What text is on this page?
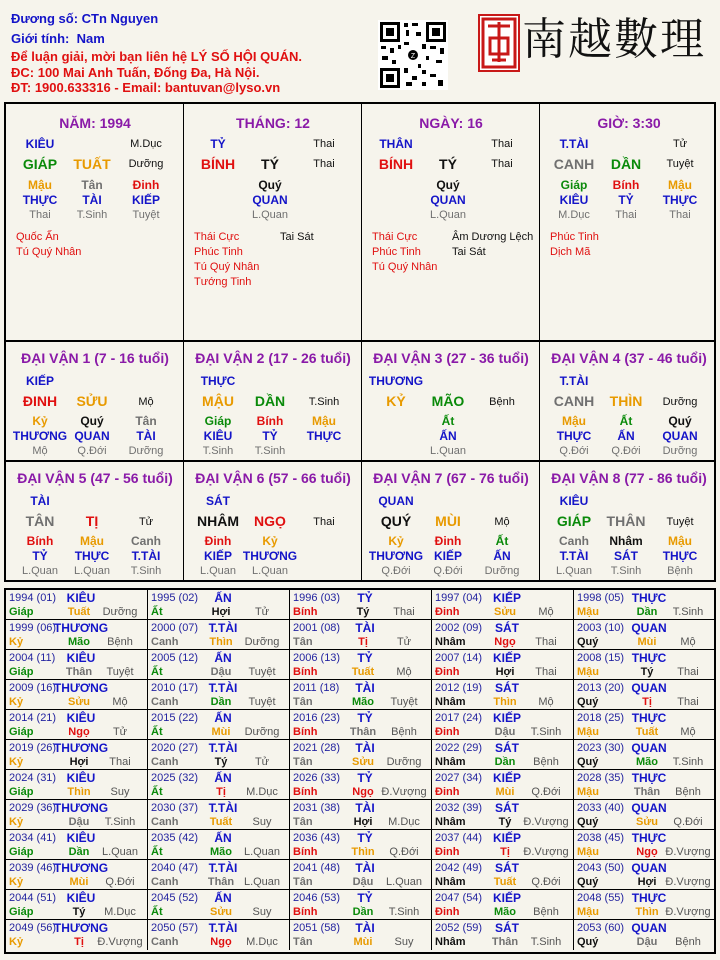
Đương số: CTn Nguyen
Giới tính: Nam
Để luận giải, mời bạn liên hệ LÝ SỐ HỘI QUÁN.
ĐC: 100 Mai Anh Tuấn, Đống Đa, Hà Nội.
ĐT: 1900.633316 - Email: bantuvan@lyso.vn
Z 南越數理
NĂM: 1994
KIÊU	M.Dục
GIÁP TUẤT Dưỡng
Mậu Tân Đinh
THỰC TÀI	KIẾP
Thai T.Sinh Tuyệt
Quốc Ấn
Tú Quý Nhân
THÁNG: 12
TỶ	Thai
BÍNH TÝ	Thai
Quý
QUAN
L.Quan
Thái Cực
Phúc Tinh
Tú Quý Nhân
Tướng Tinh
Tai Sát
NGÀY: 16
THÂN	Thai
BÍNH TÝ	Thai
Quý
QUAN
L.Quan
Thái Cực
Phúc Tinh
Tú Quý Nhân
Âm Dương Lệch
Tai Sát
GIỜ: 3:30
T.TÀI	Tử
CANH DẦN Tuyệt
Giáp Bính Mậu
KIÊU TỶ THỰC
M.Dục Thai	Thai
Phúc Tinh
Dịch Mã
ĐẠI VẬN 1 (7 - 16 tuổi)
KIẾP
ĐINH SỬU	Mộ
Kỷ	Quý	Tân
THƯƠNG QUAN TÀI
Mộ	Q.Đới Dưỡng
ĐẠI VẬN 2 (17 - 26 tuổi)
THỰC
MẬU DẦN T.Sinh
Giáp Bính Mậu
KIÊU TỶ THỰC
T.Sinh T.Sinh
ĐẠI VẬN 3 (27 - 36 tuổi)
THƯƠNG
KỶ MÃO Bệnh
Ất
ẤN
L.Quan
ĐẠI VẬN 4 (37 - 46 tuổi)
T.TÀI
CANH THÌN Dưỡng
Mậu	Ất	Quý
THỰC ẤN QUAN
Q.Đới Q.Đới Dưỡng
ĐẠI VẬN 5 (47 - 56 tuổi)
TÀI
TÂN TỊ	Tử
Bính Mậu Canh
TỶ THỰC T.TÀI
L.Quan L.Quan T.Sinh
ĐẠI VẬN 6 (57 - 66 tuổi)
SÁT
NHÂM NGỌ Thai
Đinh	Kỷ
KIẾP THƯƠNG
L.Quan L.Quan
ĐẠI VẬN 7 (67 - 76 tuổi)
QUAN
QUÝ MÙI	Mộ
Kỷ	Đinh	Ất
THƯƠNG KIẾP	ẤN
Q.Đới Q.Đới Dưỡng
ĐẠI VẬN 8 (77 - 86 tuổi)
KIÊU
GIÁP THÂN Tuyệt
Canh Nhâm Mậu
T.TÀI SÁT THỰC
L.Quan T.Sinh Bệnh
1994 (01) KIÊU
Giáp	Tuất Dưỡng
1995 (02) ẤN
Ất	Hợi Tử
1996 (03) TỶ
Bính	Tý Thai
1997 (04) KIẾP
Đinh	Sửu Mộ
1998 (05) THỰC
Mậu	Dần T.Sinh
1999 (06)
THƯƠNG
Kỷ	Mão Bệnh
2000 (07) T.TÀI
Canh	Thìn Dưỡng
2001 (08) TÀI
Tân	Tị	Tử
2002 (09) SÁT
Nhâm	Ngọ Thai
2003 (10) QUAN
Quý	Mùi Mộ
2004 (11) KIÊU
Giáp	Thân Tuyệt
2005 (12) ẤN
Ất	Dậu Tuyệt
2006 (13) TỶ
Bính	Tuất Mộ
2007 (14) KIẾP
Đinh	Hợi Thai
2008 (15) THỰC
Mậu	Tý Thai
2009 (16)
THƯƠNG
Kỷ	Sửu Mộ
2010 (17) T.TÀI
Canh	Dần Tuyệt
2011 (18) TÀI
Tân	Mão Tuyệt
2012 (19) SÁT
Nhâm	Thìn Mộ
2013 (20) QUAN
Quý	Tị Thai
2014 (21) KIÊU
Giáp	Ngọ Tử
2015 (22) ẤN
Ất	Mùi Dưỡng
2016 (23) TỶ
Bính	Thân Bệnh
2017 (24) KIẾP
Đinh	Dậu T.Sinh
2018 (25) THỰC
Mậu	Tuất Mộ
2019 (26)
THƯƠNG
Kỷ	Hợi Thai
2020 (27) T.TÀI
Canh	Tý	Tử
2021 (28) TÀI
Tân	Sửu Dưỡng
2022 (29) SÁT
Nhâm	Dần Bệnh
2023 (30) QUAN
Quý	Mão T.Sinh
2024 (31) KIÊU
Giáp	Thìn Suy
2025 (32) ẤN
Ất	Tị M.Dục
2026 (33) TỶ
Bính	Ngọ Đ.Vượng
2027 (34) KIẾP
Đinh	Mùi Q.Đới
2028 (35) THỰC
Mậu	Thân Bệnh
2029 (36)
THƯƠNG
Kỷ	Dậu T.Sinh
2030 (37) T.TÀI
Canh	Tuất Suy
2031 (38) TÀI
Tân	Hợi M.Dục
2032 (39) SÁT
Nhâm	Tý Đ.Vượng
2033 (40) QUAN
Quý	Sửu Q.Đới
2034 (41) KIÊU
Giáp	Dần L.Quan
2035 (42) ẤN
Ất	Mão L.Quan
2036 (43) TỶ
Bính	Thìn Q.Đới
2037 (44) KIẾP
Đinh	Tị Đ.Vượng
2038 (45) THỰC
Mậu	Ngọ Đ.Vượng
2039 (46)
THƯƠNG
Kỷ	Mùi Q.Đới
2040 (47) T.TÀI
Canh	Thân L.Quan
2041 (48) TÀI
Tân	Dậu L.Quan
2042 (49) SÁT
Nhâm	Tuất Q.Đới
2043 (50) QUAN
Quý	Hợi Đ.Vượng
2044 (51) KIÊU
Giáp	Tý M.Dục
2045 (52) ẤN
Ất	Sửu Suy
2046 (53) TỶ
Bính	Dần T.Sinh
2047 (54) KIẾP
Đinh	Mão Bệnh
2048 (55) THỰC
Mậu	Thìn Đ.Vượng
2049 (56)
THƯƠNG
Kỷ	Tị Đ.Vượng
2050 (57) T.TÀI
Canh	Ngọ M.Dục
2051 (58) TÀI
Tân	Mùi Suy
2052 (59) SÁT
Nhâm Thân T.Sinh
2053 (60) QUAN
Quý	Dậu Bệnh
